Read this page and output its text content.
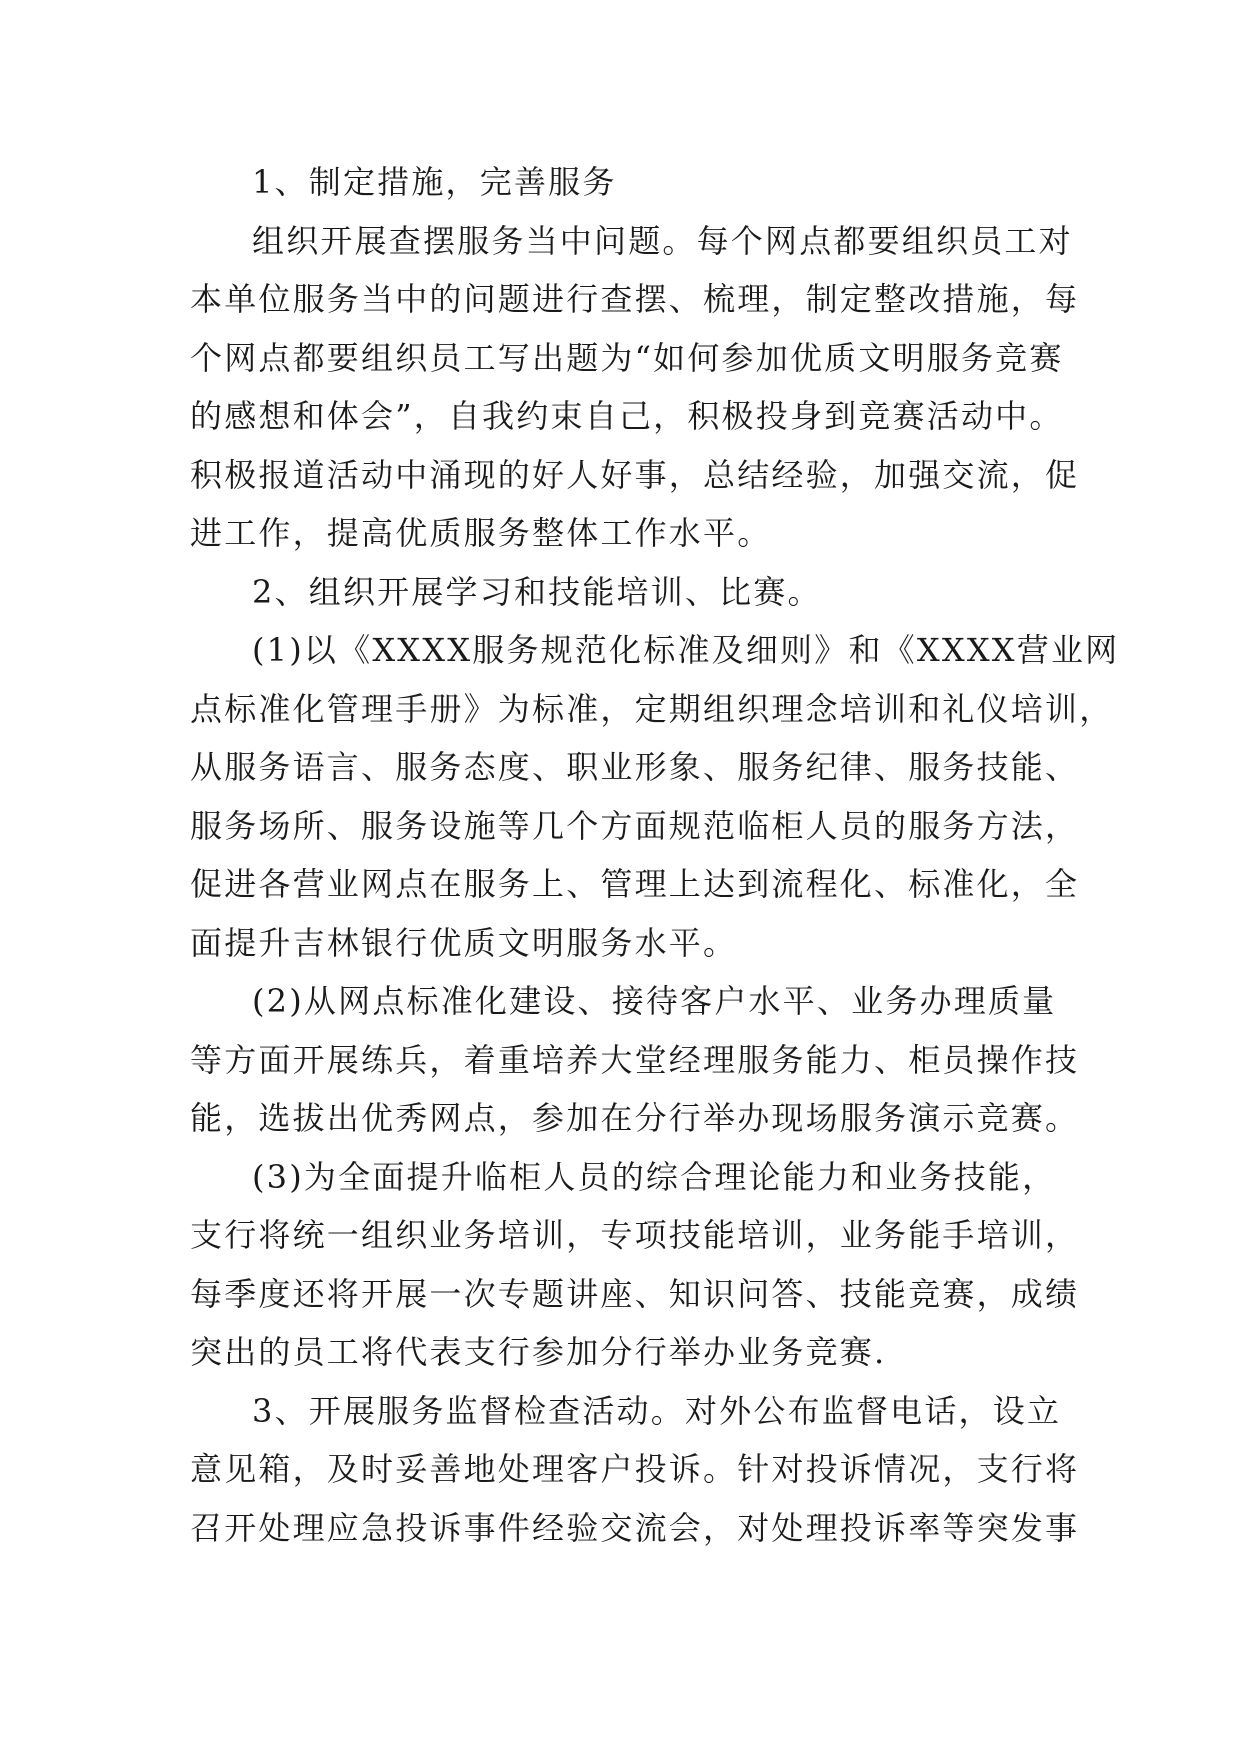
1、制定措施，完善服务
组织开展查摆服务当中问题。每个网点都要组织员工对
本单位服务当中的问题进行查摆、梳理，制定整改措施，每
个网点都要组织员工写出题为“如何参加优质文明服务竞赛
的感想和体会”，自我约束自己，积极投身到竞赛活动中。
积极报道活动中涌现的好人好事，总结经验，加强交流，促
进工作，提高优质服务整体工作水平。
2、组织开展学习和技能培训、比赛。
(1)以《XXXX服务规范化标准及细则》和《XXXX营业网
点标准化管理手册》为标准，定期组织理念培训和礼仪培训，
从服务语言、服务态度、职业形象、服务纪律、服务技能、
服务场所、服务设施等几个方面规范临柜人员的服务方法，
促进各营业网点在服务上、管理上达到流程化、标准化，全
面提升吉林银行优质文明服务水平。
(2)从网点标准化建设、接待客户水平、业务办理质量
等方面开展练兵，着重培养大堂经理服务能力、柜员操作技
能，选拔出优秀网点，参加在分行举办现场服务演示竞赛。
(3)为全面提升临柜人员的综合理论能力和业务技能，
支行将统一组织业务培训，专项技能培训，业务能手培训，
每季度还将开展一次专题讲座、知识问答、技能竞赛，成绩
突出的员工将代表支行参加分行举办业务竞赛.
3、开展服务监督检查活动。对外公布监督电话，设立
意见箱，及时妥善地处理客户投诉。针对投诉情况，支行将
召开处理应急投诉事件经验交流会，对处理投诉率等突发事
